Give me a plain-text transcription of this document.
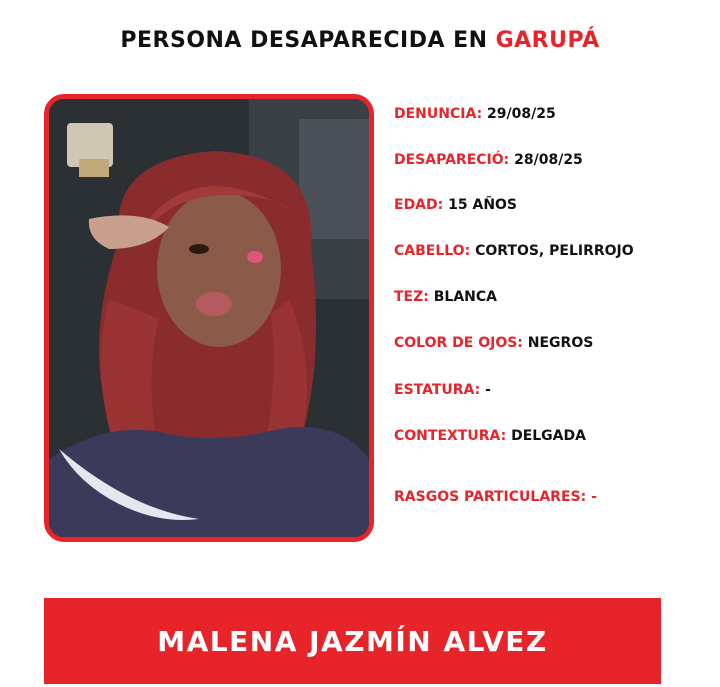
PERSONA DESAPARECIDA EN GARUPÁ
DENUNCIA: 29/08/25
DESAPARECIÓ: 28/08/25
EDAD: 15 AÑOS
CABELLO: CORTOS, PELIRROJO
TEZ: BLANCA
COLOR DE OJOS: NEGROS
ESTATURA: -
CONTEXTURA: DELGADA
RASGOS PARTICULARES: -
MALENA JAZMÍN ALVEZ
